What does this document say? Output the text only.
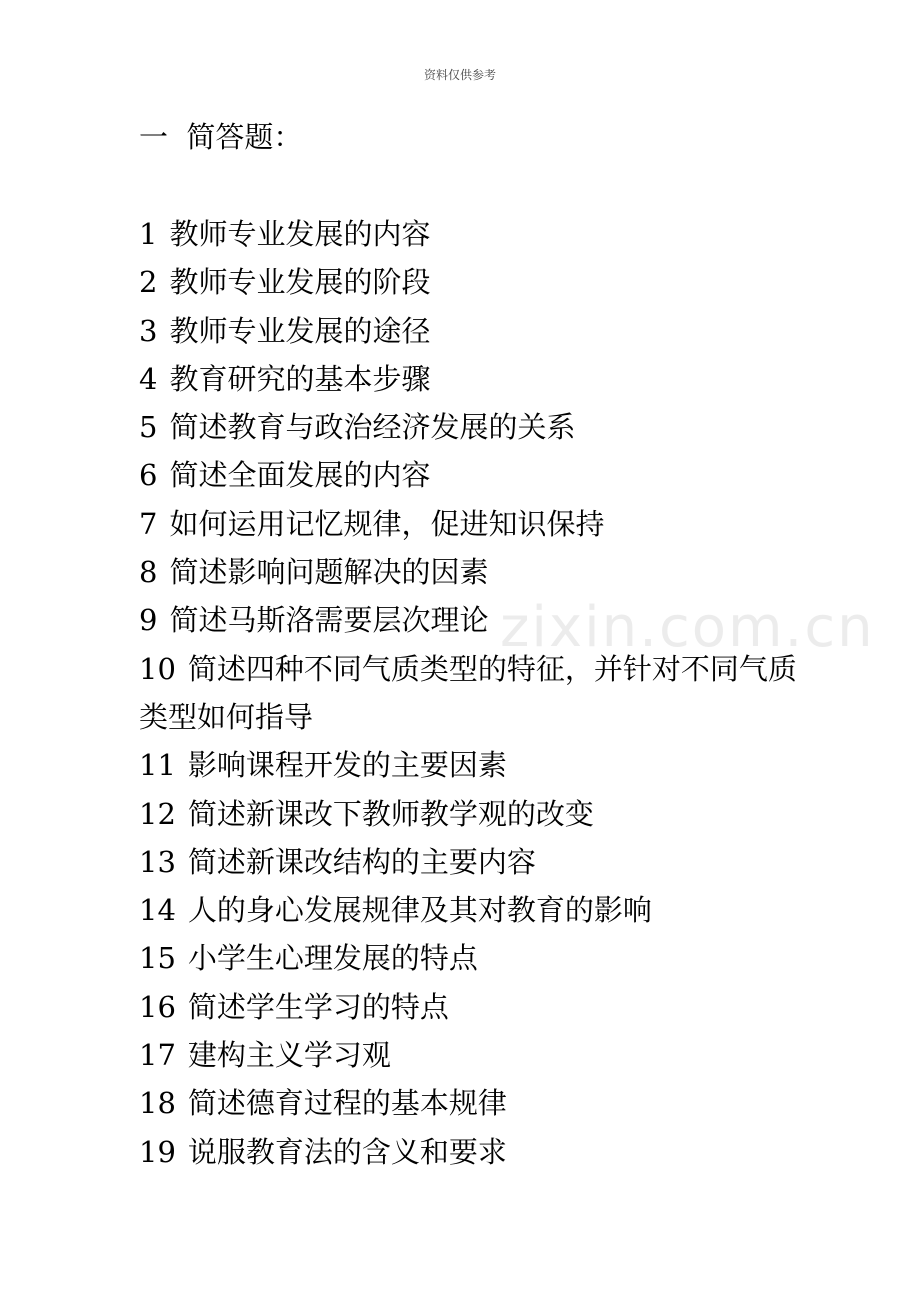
资料仅供参考
zixin.com.cn
一  简答题：
1 教师专业发展的内容
2 教师专业发展的阶段
3 教师专业发展的途径
4 教育研究的基本步骤
5 简述教育与政治经济发展的关系
6 简述全面发展的内容
7 如何运用记忆规律，促进知识保持
8 简述影响问题解决的因素
9 简述马斯洛需要层次理论
10 简述四种不同气质类型的特征，并针对不同气质类型如何指导
11 影响课程开发的主要因素
12 简述新课改下教师教学观的改变
13 简述新课改结构的主要内容
14 人的身心发展规律及其对教育的影响
15 小学生心理发展的特点
16 简述学生学习的特点
17 建构主义学习观
18 简述德育过程的基本规律
19 说服教育法的含义和要求
